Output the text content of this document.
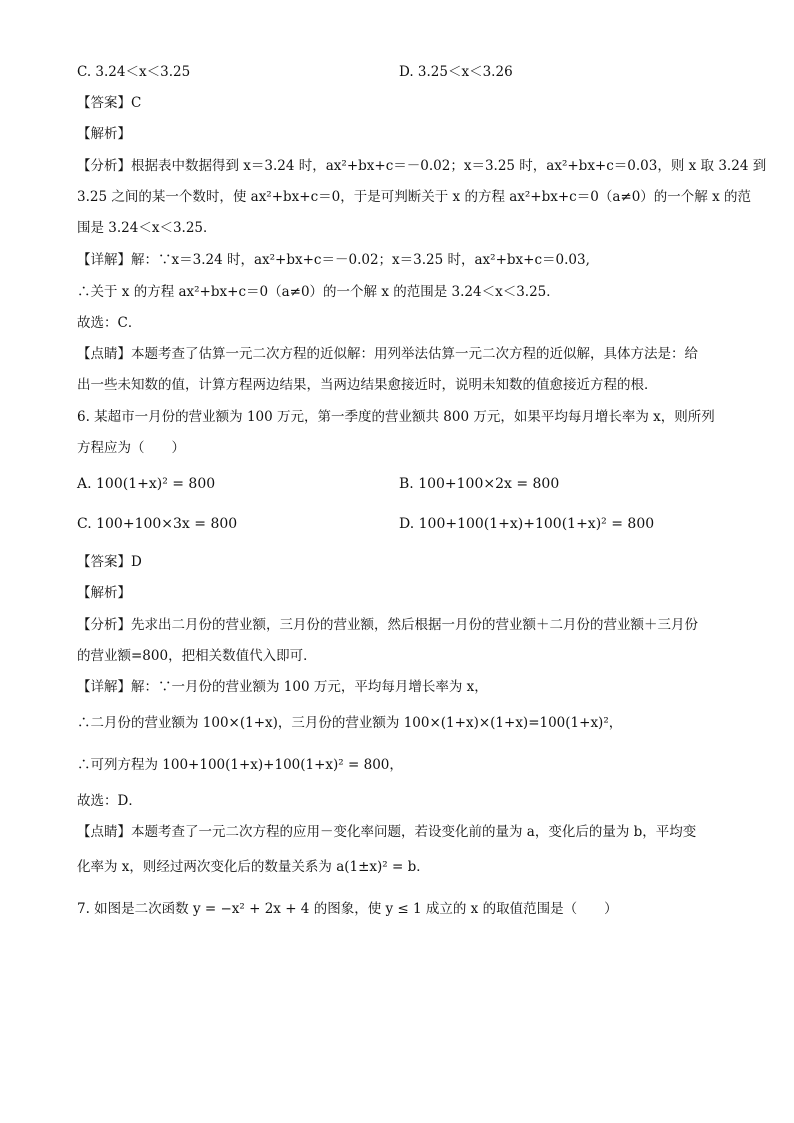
C. 3.24＜x＜3.25	D. 3.25＜x＜3.26
【答案】C
【解析】
【分析】根据表中数据得到 x＝3.24 时，ax²+bx+c＝－0.02；x＝3.25 时，ax²+bx+c＝0.03，则 x 取 3.24 到
3.25 之间的某一个数时，使 ax²+bx+c＝0，于是可判断关于 x 的方程 ax²+bx+c＝0（a≠0）的一个解 x 的范
围是 3.24＜x＜3.25．
【详解】解：∵x＝3.24 时，ax²+bx+c＝－0.02；x＝3.25 时，ax²+bx+c＝0.03,
∴关于 x 的方程 ax²+bx+c＝0（a≠0）的一个解 x 的范围是 3.24＜x＜3.25．
故选：C．
【点睛】本题考查了估算一元二次方程的近似解：用列举法估算一元二次方程的近似解，具体方法是：给
出一些未知数的值，计算方程两边结果，当两边结果愈接近时，说明未知数的值愈接近方程的根．
6. 某超市一月份的营业额为 100 万元，第一季度的营业额共 800 万元，如果平均每月增长率为 x，则所列
方程应为（　　）
A. 100(1+x)² = 800	B. 100+100×2x = 800
C. 100+100×3x = 800	D. 100+100(1+x)+100(1+x)² = 800
【答案】D
【解析】
【分析】先求出二月份的营业额，三月份的营业额，然后根据一月份的营业额＋二月份的营业额＋三月份
的营业额=800，把相关数值代入即可．
【详解】解：∵一月份的营业额为 100 万元，平均每月增长率为 x，
∴二月份的营业额为 100×(1+x)，三月份的营业额为 100×(1+x)×(1+x)=100(1+x)²，
∴可列方程为 100+100(1+x)+100(1+x)² = 800，
故选：D．
【点睛】本题考查了一元二次方程的应用－变化率问题，若设变化前的量为 a，变化后的量为 b，平均变
化率为 x，则经过两次变化后的数量关系为 a(1±x)² = b．
7. 如图是二次函数 y = −x² + 2x + 4 的图象，使 y ≤ 1 成立的 x 的取值范围是（　　）
